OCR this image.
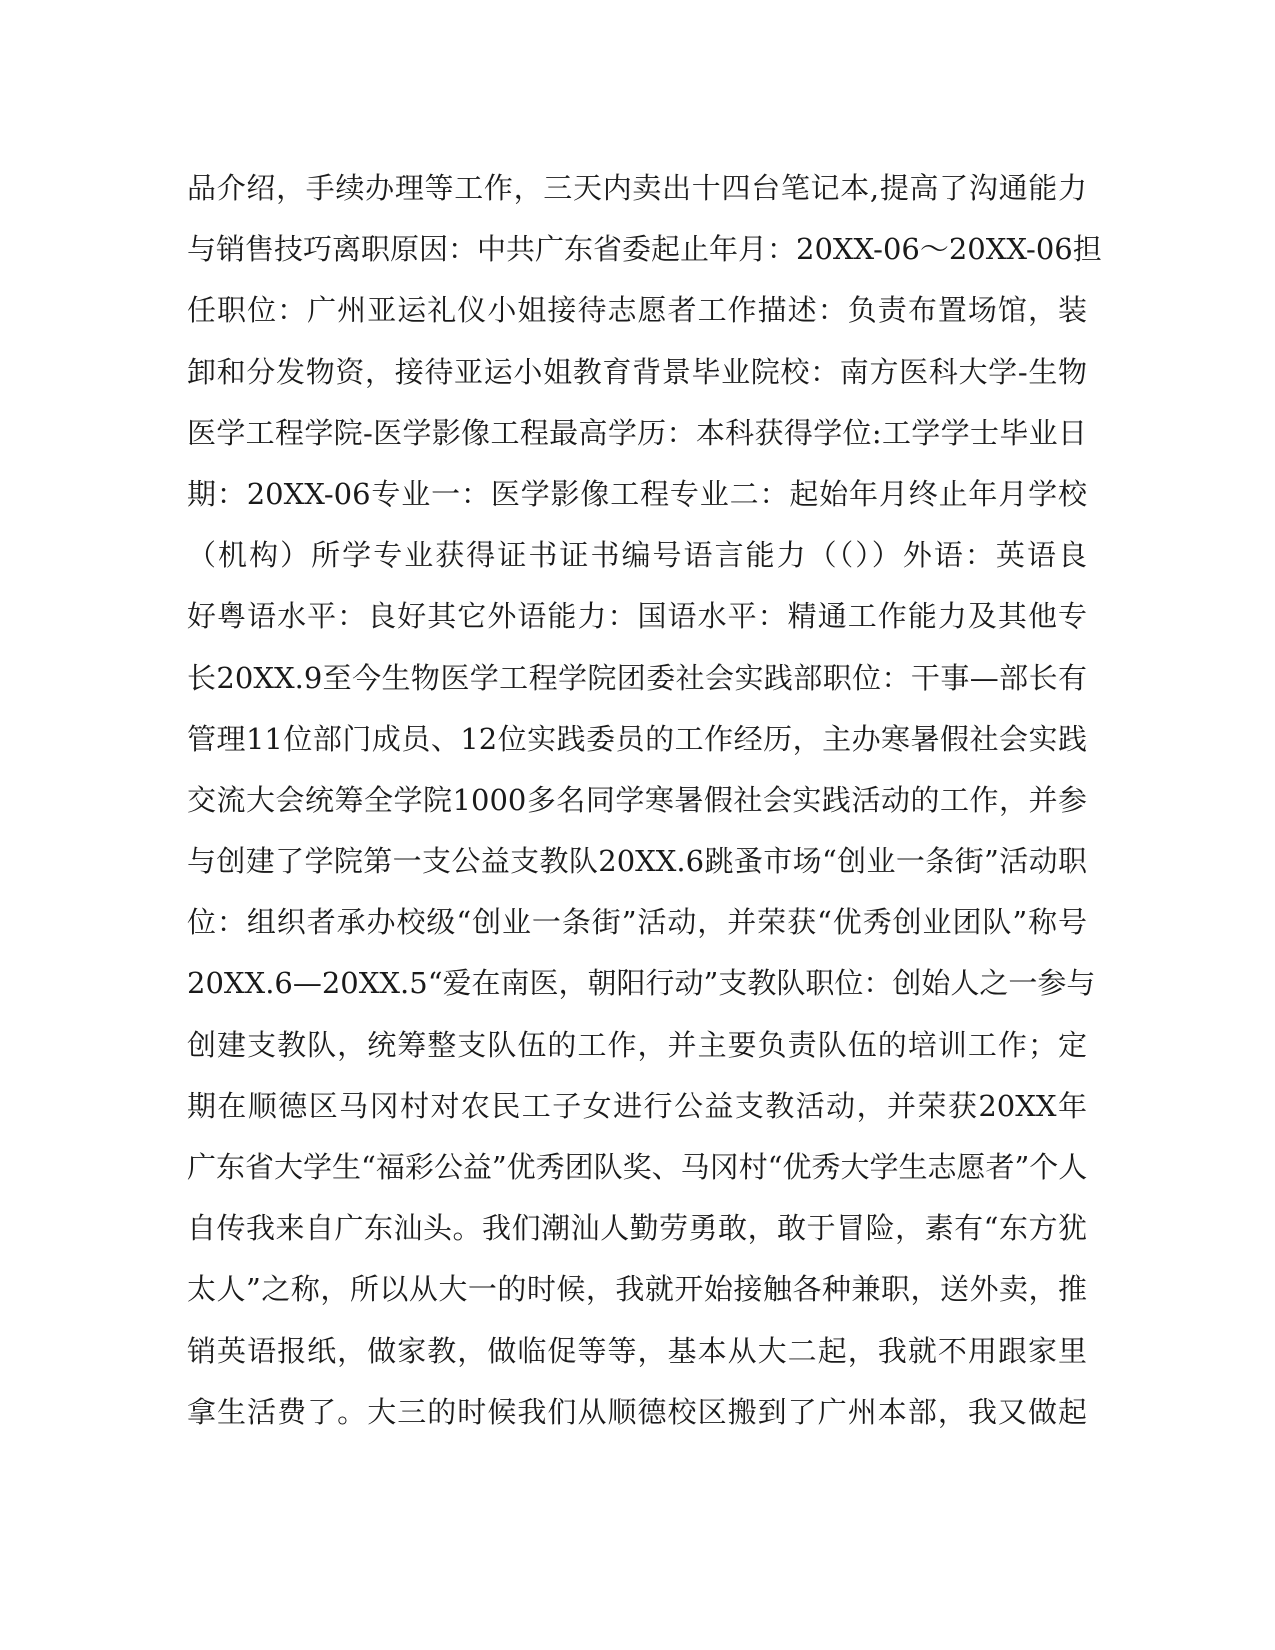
品介绍，手续办理等工作，三天内卖出十四台笔记本,提高了沟通能力
与销售技巧离职原因：中共广东省委起止年月：20XX-06～20XX-06担
任职位：广州亚运礼仪小姐接待志愿者工作描述：负责布置场馆，装
卸和分发物资，接待亚运小姐教育背景毕业院校：南方医科大学-生物
医学工程学院-医学影像工程最高学历：本科获得学位:工学学士毕业日
期：20XX-06专业一：医学影像工程专业二：起始年月终止年月学校
（机构）所学专业获得证书证书编号语言能力（（））外语：英语良
好粤语水平：良好其它外语能力：国语水平：精通工作能力及其他专
长20XX.9至今生物医学工程学院团委社会实践部职位：干事—部长有
管理11位部门成员、12位实践委员的工作经历，主办寒暑假社会实践
交流大会统筹全学院1000多名同学寒暑假社会实践活动的工作，并参
与创建了学院第一支公益支教队20XX.6跳蚤市场“创业一条街”活动职
位：组织者承办校级“创业一条街”活动，并荣获“优秀创业团队”称号
20XX.6—20XX.5“爱在南医，朝阳行动”支教队职位：创始人之一参与
创建支教队，统筹整支队伍的工作，并主要负责队伍的培训工作；定
期在顺德区马冈村对农民工子女进行公益支教活动，并荣获20XX年
广东省大学生“福彩公益”优秀团队奖、马冈村“优秀大学生志愿者”个人
自传我来自广东汕头。我们潮汕人勤劳勇敢，敢于冒险，素有“东方犹
太人”之称，所以从大一的时候，我就开始接触各种兼职，送外卖，推
销英语报纸，做家教，做临促等等，基本从大二起，我就不用跟家里
拿生活费了。大三的时候我们从顺德校区搬到了广州本部，我又做起
